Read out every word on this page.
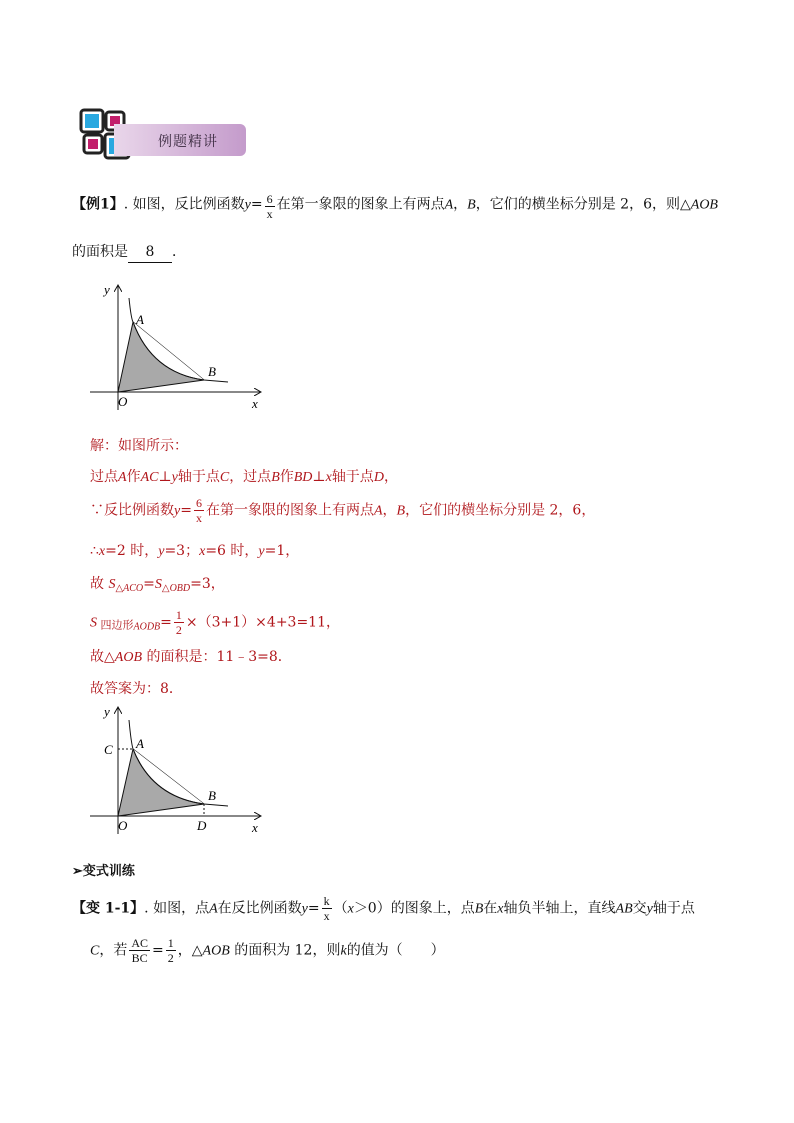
例题精讲
【例1】. 如图，反比例函数$y= \frac{6}{x}$ 在第一象限的图象上有两点A，B，它们的横坐标分别是 2，6，则△AOB
的面积是 8 ．
y
x
O
A
B
解：如图所示：
过点A作AC⊥y轴于点C，过点B作BD⊥x轴于点D，
∵反比例函数$y= \frac{6}{x}$ 在第一象限的图象上有两点A，B，它们的横坐标分别是 2，6，
∴x=2 时，y=3；x=6 时，y=1，
故 $S_{\triangle ACO}=S_{\triangle OBD}=3$，
S 四边形$_{AODB}= \frac{1}{2} \times(3+1)\times 4+3=11$，
故△AOB 的面积是：11﹣3=8．
故答案为：8．
y
x
O
A
B
C
D
➢变式训练
【变 1-1】. 如图，点A在反比例函数$y= \frac{k}{x} (x>0)$的图象上，点B在x轴负半轴上，直线AB交y轴于点
C，若 $\frac{AC}{BC} = \frac{1}{2}$ ，△AOB 的面积为 12，则k的值为（　　）
